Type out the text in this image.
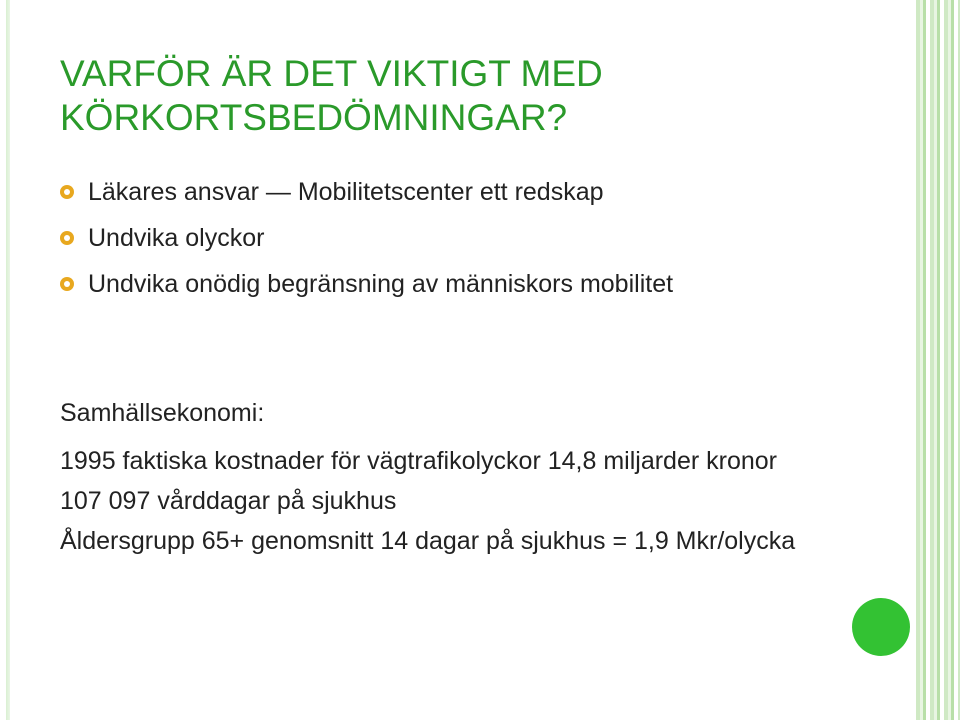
VARFÖR ÄR DET VIKTIGT MED KÖRKORTSBEDÖMNINGAR?
Läkares ansvar — Mobilitetscenter ett redskap
Undvika olyckor
Undvika onödig begränsning av människors mobilitet
Samhällsekonomi:
1995 faktiska kostnader för vägtrafikolyckor 14,8 miljarder kronor
107 097 vårddagar på sjukhus
Åldersgrupp 65+ genomsnitt 14 dagar på sjukhus = 1,9 Mkr/olycka
